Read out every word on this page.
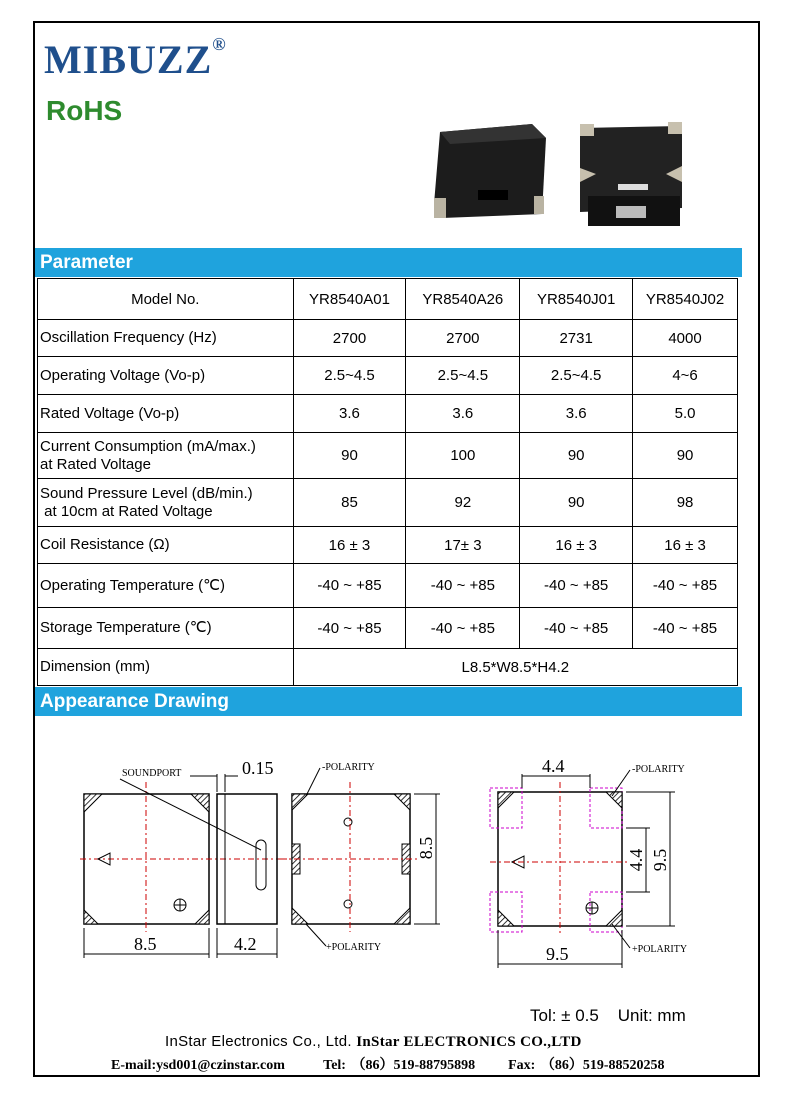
MIBUZZ®
RoHS
Parameter
Model No.	YR8540A01	YR8540A26	YR8540J01	YR8540J02
Oscillation Frequency (Hz)	2700	2700	2731	4000
Operating Voltage (Vo-p)	2.5~4.5	2.5~4.5	2.5~4.5	4~6
Rated Voltage (Vo-p)	3.6	3.6	3.6	5.0
Current Consumption (mA/max.)
at Rated Voltage	90	100	90	90
Sound Pressure Level (dB/min.)
at 10cm at Rated Voltage	85	92	90	98
Coil Resistance (Ω)	16 ± 3	17± 3	16 ± 3	16 ± 3
Operating Temperature (℃)	-40 ~ +85	-40 ~ +85	-40 ~ +85	-40 ~ +85
Storage Temperature (℃)	-40 ~ +85	-40 ~ +85	-40 ~ +85	-40 ~ +85
Dimension (mm)	L8.5*W8.5*H4.2			
Appearance Drawing
0.15
8.5	4.2
8.5
4.4
4.4 9.5
9.5
SOUNDPORT
-POLARITY
+POLARITY
-POLARITY
+POLARITY
Tol: ± 0.5    Unit: mm
InStar Electronics Co., Ltd. InStar ELECTRONICS CO.,LTD
E-mail:ysd001@czinstar.com	Tel: （86）519-88795898 Fax: （86）519-88520258
